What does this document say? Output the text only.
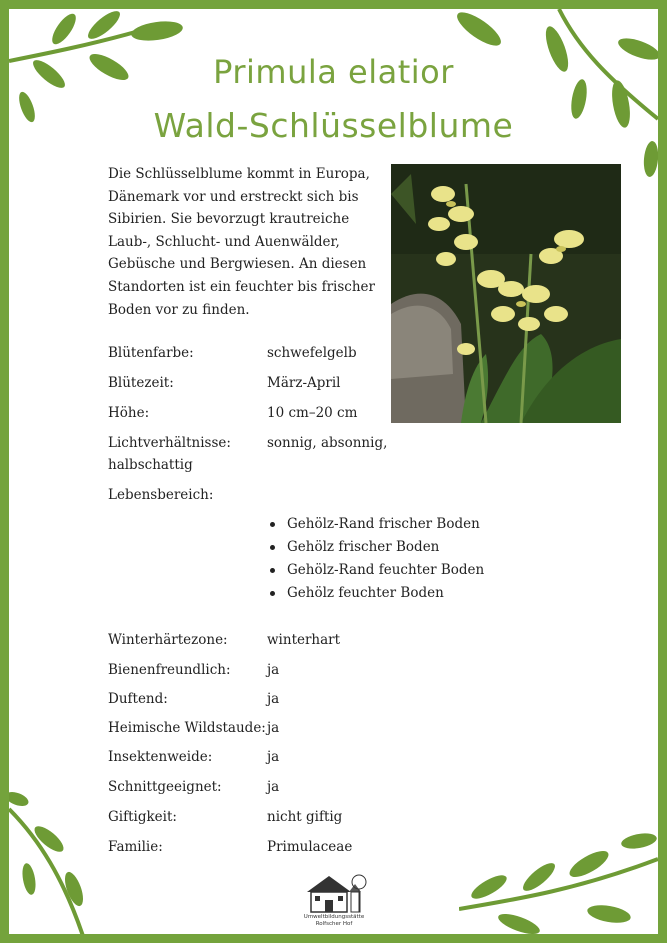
Primula elatior
Wald-Schlüsselblume

Die Schlüsselblume kommt in Europa, Dänemark vor und erstreckt sich bis Sibirien. Sie bevorzugt krautreiche Laub-, Schlucht- und Auenwälder, Gebüsche und Bergwiesen. An diesen Standorten ist ein feuchter bis frischer Boden vor zu finden.

Blütenfarbe:	schwefelgelb
Blütezeit:	März-April
Höhe:	10 cm–20 cm
Lichtverhältnisse:	sonnig, absonnig,
halbschattig
Lebensbereich:
Gehölz-Rand frischer Boden
Gehölz frischer Boden
Gehölz-Rand feuchter Boden
Gehölz feuchter Boden
Winterhärtezone:	winterhart
Bienenfreundlich:	ja
Duftend:	ja
Heimische Wildstaude: ja
Insektenweide:	ja
Schnittgeeignet:	ja
Giftigkeit:	nicht giftig
Familie:	Primulaceae
Umweltbildungsstätte
Rolfscher Hof
